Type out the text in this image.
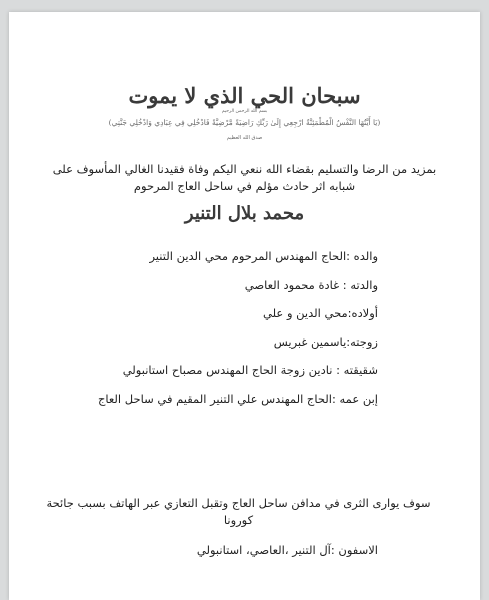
سبحان الحي الذي لا يموت
بسم الله الرحمن الرحيم
(يَا أَيَّتُهَا النَّفْسُ الْمُطْمَئِنَّةُ ارْجِعِي إِلَىٰ رَبِّكِ رَاضِيَةً مَّرْضِيَّةً فَادْخُلِي فِي عِبَادِي وَادْخُلِي جَنَّتِي)
صدق الله العظيم
بمزيد من الرضا والتسليم بقضاء الله ننعي اليكم وفاة فقيدنا الغالي المأسوف على شبابه اثر حادث مؤلم في ساحل العاج المرحوم
محمد بلال التنير
والده :الحاج المهندس المرحوم محي الدين التنير
والدته : غادة محمود العاصي
أولاده:محي الدين و علي
زوجته:ياسمين غبريس
شقيقته : نادين زوجة الحاج المهندس مصباح استانبولي
إبن عمه :الحاج المهندس علي التنير المقيم في ساحل العاج
سوف يوارى الثرى في مدافن ساحل العاج وتقبل التعازي عبر الهاتف بسبب جائحة كورونا
الاسفون :آل التنير ،العاصي، استانبولي
